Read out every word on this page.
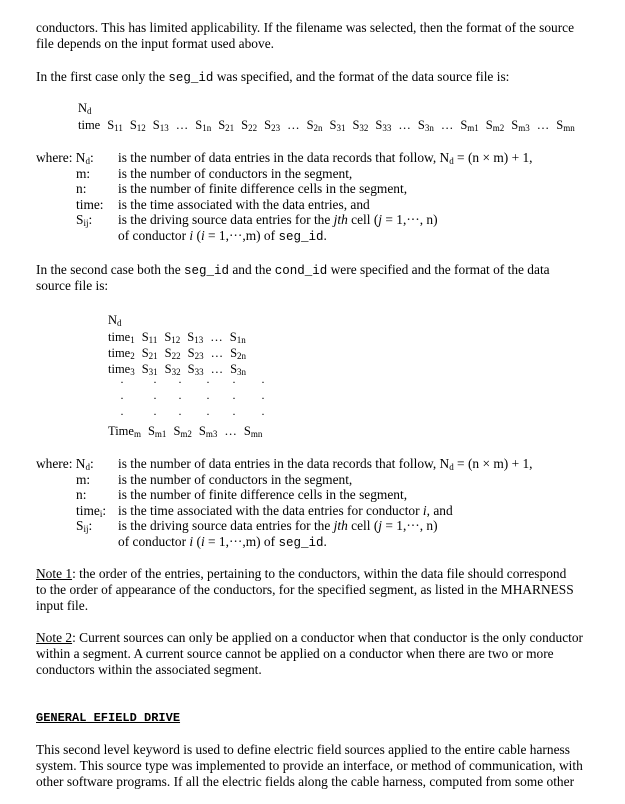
conductors. This has limited applicability. If the filename was selected, then the format of the source

file depends on the input format used above.

In the first case only the seg_id was specified, and the format of the data source file is:

$N_d$
time $S_{11}$ $S_{12}$ $S_{13}$ … $S_{1n}$ $S_{21}$ $S_{22}$ $S_{23}$ … $S_{2n}$ $S_{31}$ $S_{32}$ $S_{33}$ … $S_{3n}$ … $S_{m1}$ $S_{m2}$ $S_{m3}$ … $S_{mn}$
where: $N_d$:	is the number of data entries in the data records that follow, $N_d = (n \times m) + 1$,
m:	is the number of conductors in the segment,
n:	is the number of finite difference cells in the segment,
time:	is the time associated with the data entries, and
$S_{ij}$:	is the driving source data entries for the jth cell (j = 1,···, n)
of conductor i (i = 1,···,m) of seg_id.

In the second case both the seg_id and the cond_id were specified and the format of the data

source file is:

$N_d$
time$_1$ $S_{11}$ $S_{12}$ $S_{13}$ … $S_{1n}$
time$_2$ $S_{21}$ $S_{22}$ $S_{23}$ … $S_{2n}$
time$_3$ $S_{31}$ $S_{32}$ $S_{33}$ … $S_{3n}$
· · · · · ·
· · · · · ·
· · · · · ·
Time$_m$ $S_{m1}$ $S_{m2}$ $S_{m3}$ … $S_{mn}$
where: $N_d$:	is the number of data entries in the data records that follow, $N_d = (n \times m) + 1$,
m:	is the number of conductors in the segment,
n:	is the number of finite difference cells in the segment,
time$_i$: is the time associated with the data entries for conductor i, and
$S_{ij}$:	is the driving source data entries for the jth cell (j = 1,···, n)
of conductor i (i = 1,···,m) of seg_id.

Note 1: the order of the entries, pertaining to the conductors, within the data file should correspond

to the order of appearance of the conductors, for the specified segment, as listed in the MHARNESS

input file.

Note 2: Current sources can only be applied on a conductor when that conductor is the only conductor

within a segment. A current source cannot be applied on a conductor when there are two or more

conductors within the associated segment.

GENERAL EFIELD DRIVE

This second level keyword is used to define electric field sources applied to the entire cable harness

system. This source type was implemented to provide an interface, or method of communication, with

other software programs. If all the electric fields along the cable harness, computed from some other
